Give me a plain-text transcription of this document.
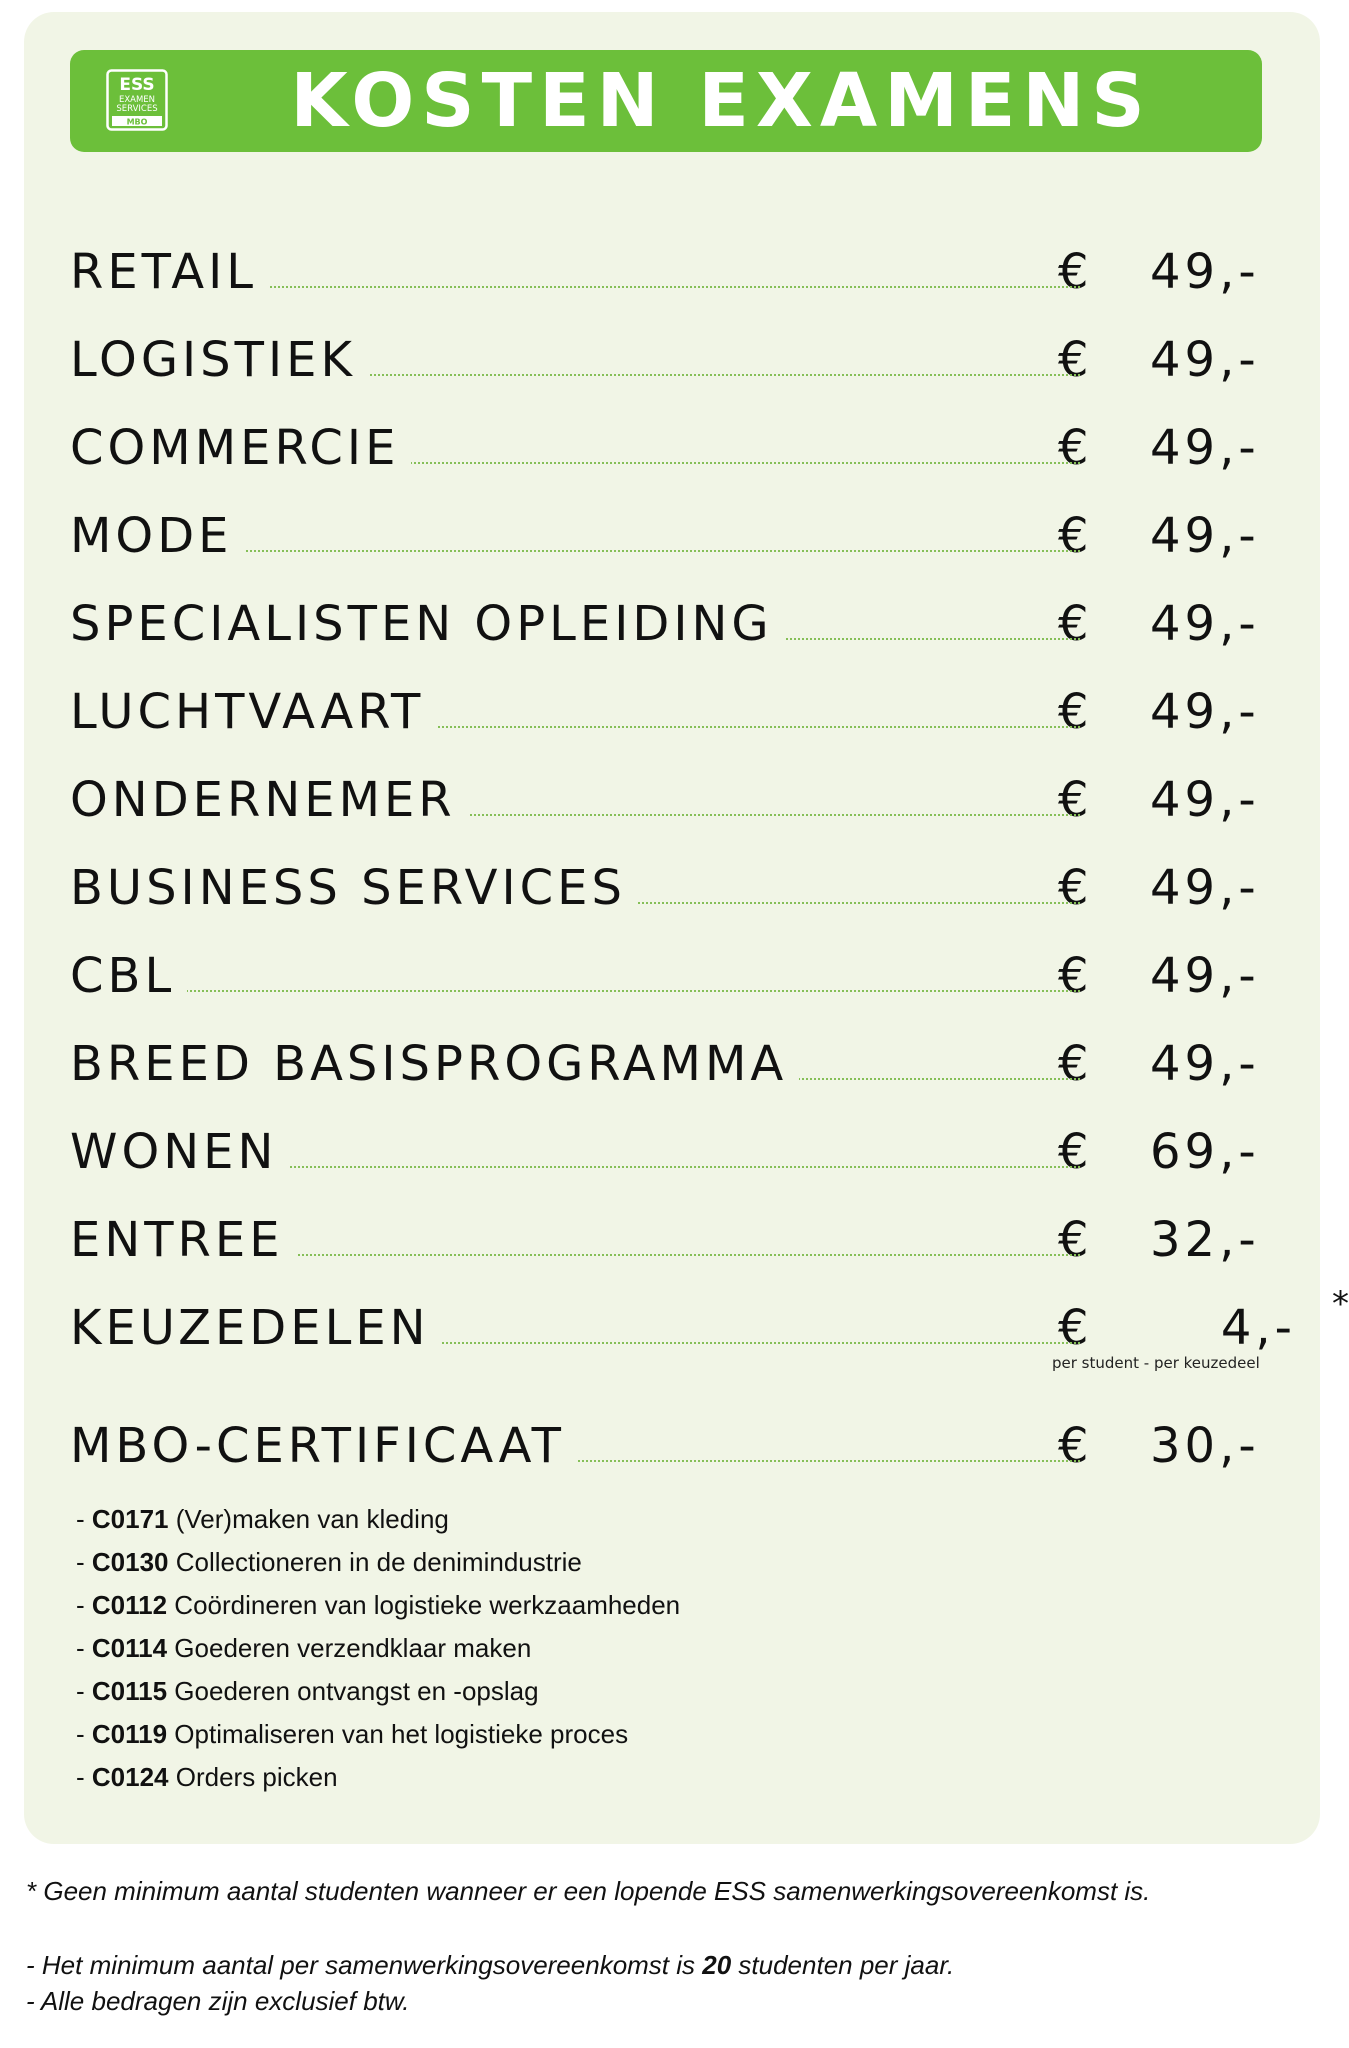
ESS
EXAMEN
SERVICES
MBO	KOSTEN EXAMENS
RETAIL	€ 49,-
LOGISTIEK	€ 49,-
COMMERCIE	€ 49,-
MODE	€ 49,-
SPECIALISTEN OPLEIDING	€ 49,-
LUCHTVAART	€ 49,-
ONDERNEMER	€ 49,-
BUSINESS SERVICES	€ 49,-
CBL	€ 49,-
BREED BASISPROGRAMMA	€ 49,-
WONEN	€ 69,-
ENTREE	€ 32,-
KEUZEDELEN	€	4,- *
per student - per keuzedeel
MBO-CERTIFICAAT	€ 30,-
- C0171 (Ver)maken van kleding
- C0130 Collectioneren in de denimindustrie
- C0112 Coördineren van logistieke werkzaamheden
- C0114 Goederen verzendklaar maken
- C0115 Goederen ontvangst en -opslag
- C0119 Optimaliseren van het logistieke proces
- C0124 Orders picken
* Geen minimum aantal studenten wanneer er een lopende ESS samenwerkingsovereenkomst is.
- Het minimum aantal per samenwerkingsovereenkomst is 20 studenten per jaar.
- Alle bedragen zijn exclusief btw.
